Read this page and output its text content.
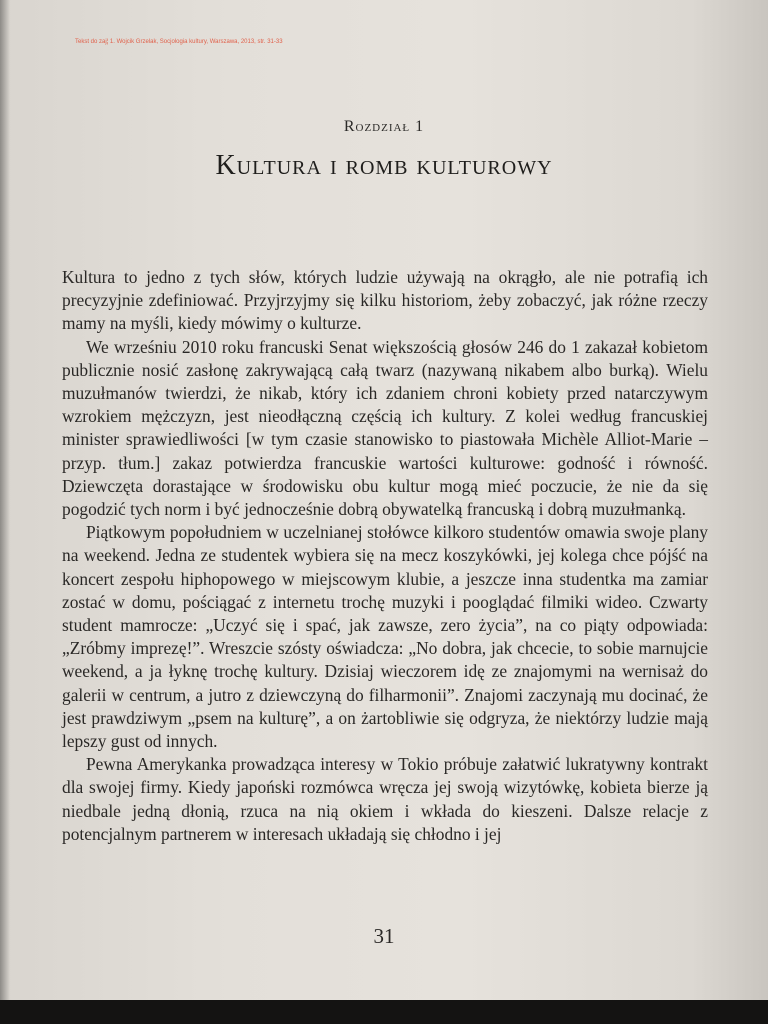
Tekst do zaj¦ 1. Wojcik Grzelak, Socjologia kultury, Warszawa, 2013, str. 31-33
Rozdział 1
Kultura i romb kulturowy

Kultura to jedno z tych słów, których ludzie używają na okrągło, ale nie potrafią ich precyzyjnie zdefiniować. Przyjrzyjmy się kilku historiom, żeby zobaczyć, jak różne rzeczy mamy na myśli, kiedy mówimy o kulturze.

We wrześniu 2010 roku francuski Senat większością głosów 246 do 1 zakazał kobietom publicznie nosić zasłonę zakrywającą całą twarz (nazywaną nikabem albo burką). Wielu muzułmanów twierdzi, że nikab, który ich zdaniem chroni kobiety przed natarczywym wzrokiem mężczyzn, jest nieodłączną częścią ich kultury. Z kolei według francuskiej minister sprawiedliwości [w tym czasie stanowisko to piastowała Michèle Alliot-Marie – przyp. tłum.] zakaz potwierdza francuskie wartości kulturowe: godność i równość. Dziewczęta dorastające w środowisku obu kultur mogą mieć poczucie, że nie da się pogodzić tych norm i być jednocześnie dobrą obywatelką francuską i dobrą muzułmanką.

Piątkowym popołudniem w uczelnianej stołówce kilkoro studentów omawia swoje plany na weekend. Jedna ze studentek wybiera się na mecz koszykówki, jej kolega chce pójść na koncert zespołu hiphopowego w miejscowym klubie, a jeszcze inna studentka ma zamiar zostać w domu, pościągać z internetu trochę muzyki i pooglądać filmiki wideo. Czwarty student mamrocze: „Uczyć się i spać, jak zawsze, zero życia”, na co piąty odpowiada: „Zróbmy imprezę!”. Wreszcie szósty oświadcza: „No dobra, jak chcecie, to sobie marnujcie weekend, a ja łyknę trochę kultury. Dzisiaj wieczorem idę ze znajomymi na wernisaż do galerii w centrum, a jutro z dziewczyną do filharmonii”. Znajomi zaczynają mu docinać, że jest prawdziwym „psem na kulturę”, a on żartobliwie się odgryza, że niektórzy ludzie mają lepszy gust od innych.

Pewna Amerykanka prowadząca interesy w Tokio próbuje załatwić lukratywny kontrakt dla swojej firmy. Kiedy japoński rozmówca wręcza jej swoją wizytówkę, kobieta bierze ją niedbale jedną dłonią, rzuca na nią okiem i wkłada do kieszeni. Dalsze relacje z potencjalnym partnerem w interesach układają się chłodno i jej

31
